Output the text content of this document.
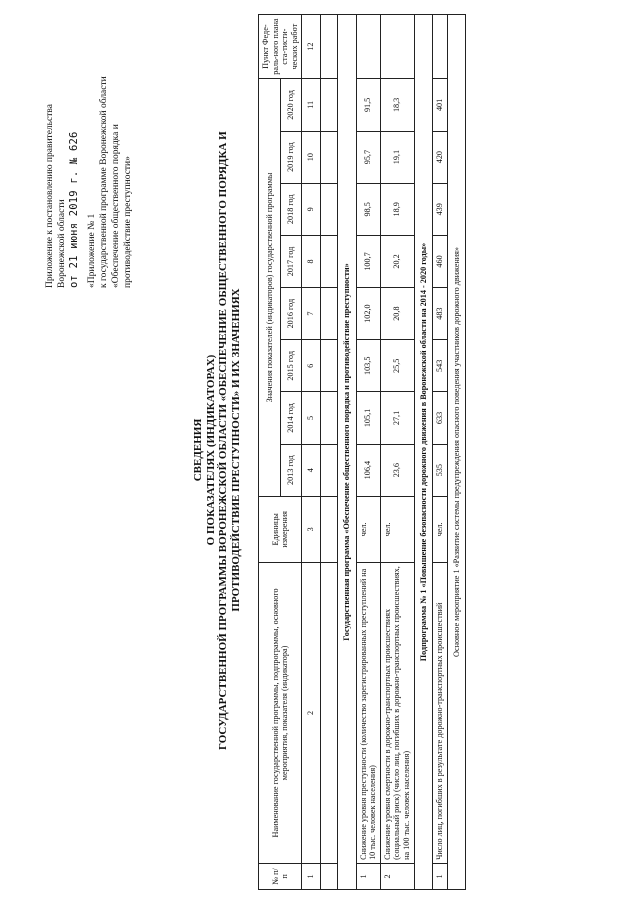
Приложение к постановлению правительства Воронежской области от 21 июня 2019 г. № 626 «Приложение № 1 к государственной программе Воронежской области «Обеспечение общественного порядка и противодействие преступности»
СВЕДЕНИЯ О ПОКАЗАТЕЛЯХ (ИНДИКАТОРАХ) ГОСУДАРСТВЕННОЙ ПРОГРАММЫ ВОРОНЕЖСКОЙ ОБЛАСТИ «ОБЕСПЕЧЕНИЕ ОБЩЕСТВЕННОГО ПОРЯДКА И ПРОТИВОДЕЙСТВИЕ ПРЕСТУПНОСТИ» И ИХ ЗНАЧЕНИЯХ
№ п/п	Наименование государственной программы, подпрограммы, основного мероприятия, показателя (индикатора)	Единицы измерения	Значения показателей (индикаторов) государственной программы								Пункт Феде-раль-ного плана ста-тисти-ческих работ
			2013 год	2014 год	2015 год	2016 год	2017 год	2018 год	2019 год	2020 год	
1	2	3	4	5	6	7	8	9	10	11	12

Государственная программа «Обеспечение общественного порядка и противодействие преступности»											
1	Снижение уровня преступности (количество зарегистрированных преступлений на 10 тыс. человек населения)	чел.	106,4	105,1	103,5	102,0	100,7	98,5	95,7	91,5	
2	Снижение уровня смертности в дорожно-транспортных происшествиях (социальный риск) (число лиц, погибших в дорожно-транспортных происшествиях, на 100 тыс. человек населения)	чел.	23,6	27,1	25,5	20,8	20,2	18,9	19,1	18,3	
Подпрограмма № 1 «Повышение безопасности дорожного движения в Воронежской области на 2014 - 2020 годы»											
1	Число лиц, погибших в результате дорожно-транспортных происшествий	чел.	535	633	543	483	460	439	420	401	
Основное мероприятие 1 «Развитие системы предупреждения опасного поведения участников дорожного движения»											
